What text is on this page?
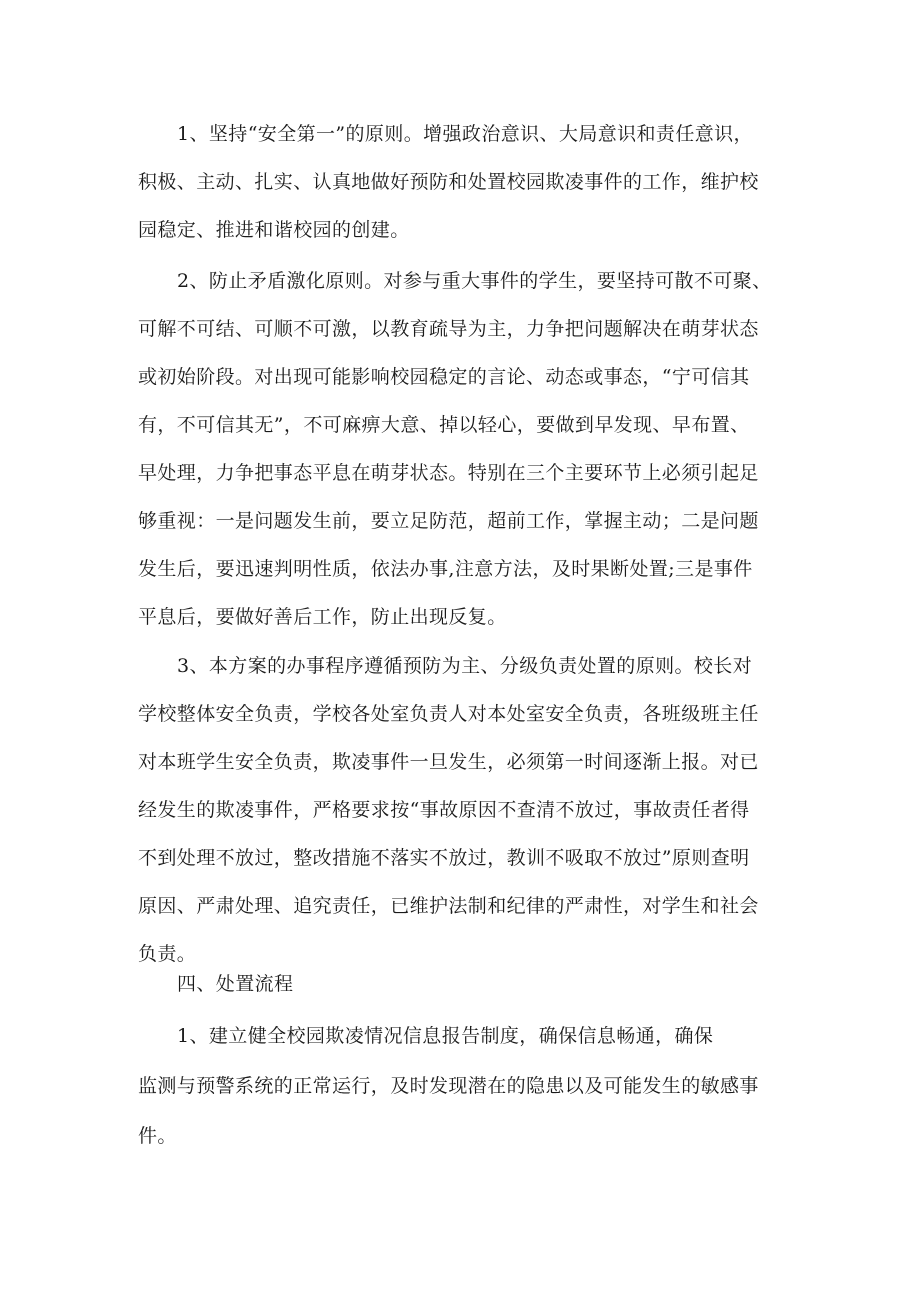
1、坚持“安全第一”的原则。增强政治意识、大局意识和责任意识，
积极、主动、扎实、认真地做好预防和处置校园欺凌事件的工作，维护校
园稳定、推进和谐校园的创建。
2、防止矛盾激化原则。对参与重大事件的学生，要坚持可散不可聚、
可解不可结、可顺不可激，以教育疏导为主，力争把问题解决在萌芽状态
或初始阶段。对出现可能影响校园稳定的言论、动态或事态，“宁可信其
有，不可信其无”，不可麻痹大意、掉以轻心，要做到早发现、早布置、
早处理，力争把事态平息在萌芽状态。特别在三个主要环节上必须引起足
够重视：一是问题发生前，要立足防范，超前工作，掌握主动；二是问题
发生后，要迅速判明性质，依法办事,注意方法，及时果断处置;三是事件
平息后，要做好善后工作，防止出现反复。
3、本方案的办事程序遵循预防为主、分级负责处置的原则。校长对
学校整体安全负责，学校各处室负责人对本处室安全负责，各班级班主任
对本班学生安全负责，欺凌事件一旦发生，必须第一时间逐渐上报。对已
经发生的欺凌事件，严格要求按“事故原因不查清不放过，事故责任者得
不到处理不放过，整改措施不落实不放过，教训不吸取不放过”原则查明
原因、严肃处理、追究责任，已维护法制和纪律的严肃性，对学生和社会
负责。
四、处置流程
1、建立健全校园欺凌情况信息报告制度，确保信息畅通，确保
监测与预警系统的正常运行，及时发现潜在的隐患以及可能发生的敏感事
件。
